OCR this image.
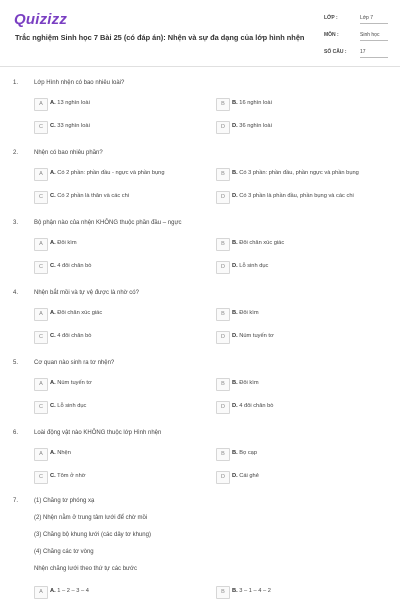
Quizizz
Trắc nghiệm Sinh học 7 Bài 25 (có đáp án): Nhện và sự đa dạng của lớp hình nhện
LỚP :	Lớp 7
MÔN :	Sinh học
SỐ CÂU :	17
1.	Lớp Hình nhện có bao nhiêu loài?
A	A. 13 nghìn loài	B	B. 16 nghìn loài
C	C. 33 nghìn loài	D	D. 36 nghìn loài
2.	Nhện có bao nhiêu phần?
A	A. Có 2 phần: phần đầu - ngực và phần bụng	B	B. Có 3 phần: phần đầu, phần ngực và phần bụng
C	C. Có 2 phần là thân và các chi	D	D. Có 3 phần là phần đầu, phần bụng và các chi
3.	Bộ phận nào của nhện KHÔNG thuộc phần đầu – ngực
A	A. Đôi kìm	B	B. Đôi chân xúc giác
C	C. 4 đôi chân bò	D	D. Lỗ sinh dục
4.	Nhện bắt mồi và tự vệ được là nhờ có?
A	A. Đôi chân xúc giác	B	B. Đôi kìm
C	C. 4 đôi chân bò	D	D. Núm tuyến tơ
5.	Cơ quan nào sinh ra tơ nhện?
A	A. Núm tuyến tơ	B	B. Đôi kìm
C	C. Lỗ sinh dục	D	D. 4 đôi chân bò
6.	Loài động vật nào KHÔNG thuộc lớp Hình nhện
A	A. Nhện	B	B. Bọ cạp
C	C. Tôm ở nhờ	D	D. Cái ghẻ
7.	(1) Chăng tơ phóng xạ
(2) Nhện nằm ở trung tâm lưới để chờ mồi
(3) Chăng bộ khung lưới (các dây tơ khung)
(4) Chăng các tơ vòng
Nhện chăng lưới theo thứ tự các bước
A	A. 1 – 2 – 3 – 4	B	B. 3 – 1 – 4 – 2
